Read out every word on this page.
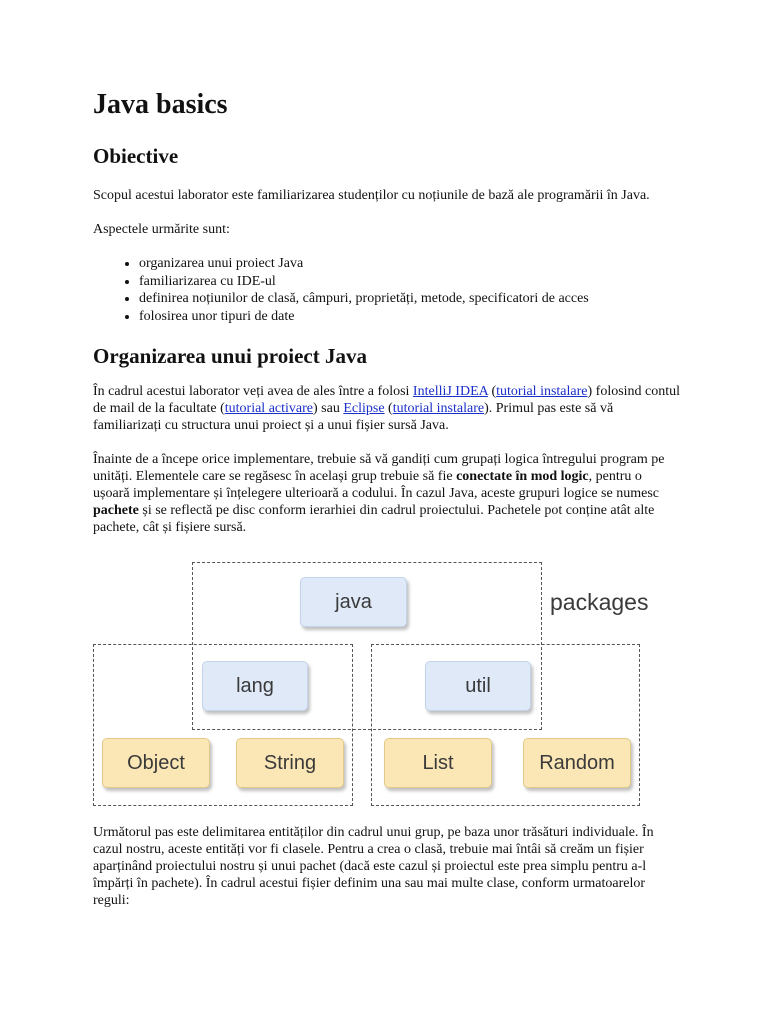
Java basics
Obiective

Scopul acestui laborator este familiarizarea studenților cu noțiunile de bază ale programării în Java.

Aspectele urmărite sunt:

• organizarea unui proiect Java
• familiarizarea cu IDE-ul
• definirea noțiunilor de clasă, câmpuri, proprietăți, metode, specificatori de acces
• folosirea unor tipuri de date
Organizarea unui proiect Java

În cadrul acestui laborator veți avea de ales între a folosi IntelliJ IDEA (tutorial instalare) folosind contul de mail de la facultate (tutorial activare) sau Eclipse (tutorial instalare). Primul pas este să vă familiarizați cu structura unui proiect și a unui fișier sursă Java.

Înainte de a începe orice implementare, trebuie să vă gandiți cum grupați logica întregului program pe unități. Elementele care se regăsesc în același grup trebuie să fie conectate în mod logic, pentru o ușoară implementare și înțelegere ulterioară a codului. În cazul Java, aceste grupuri logice se numesc pachete și se reflectă pe disc conform ierarhiei din cadrul proiectului. Pachetele pot conține atât alte pachete, cât și fișiere sursă.

java	packages
lang	util
Object	String	List	Random

Următorul pas este delimitarea entităților din cadrul unui grup, pe baza unor trăsături individuale. În cazul nostru, aceste entități vor fi clasele. Pentru a crea o clasă, trebuie mai întâi să creăm un fișier aparținând proiectului nostru și unui pachet (dacă este cazul și proiectul este prea simplu pentru a-l împărți în pachete). În cadrul acestui fișier definim una sau mai multe clase, conform urmatoarelor reguli:
